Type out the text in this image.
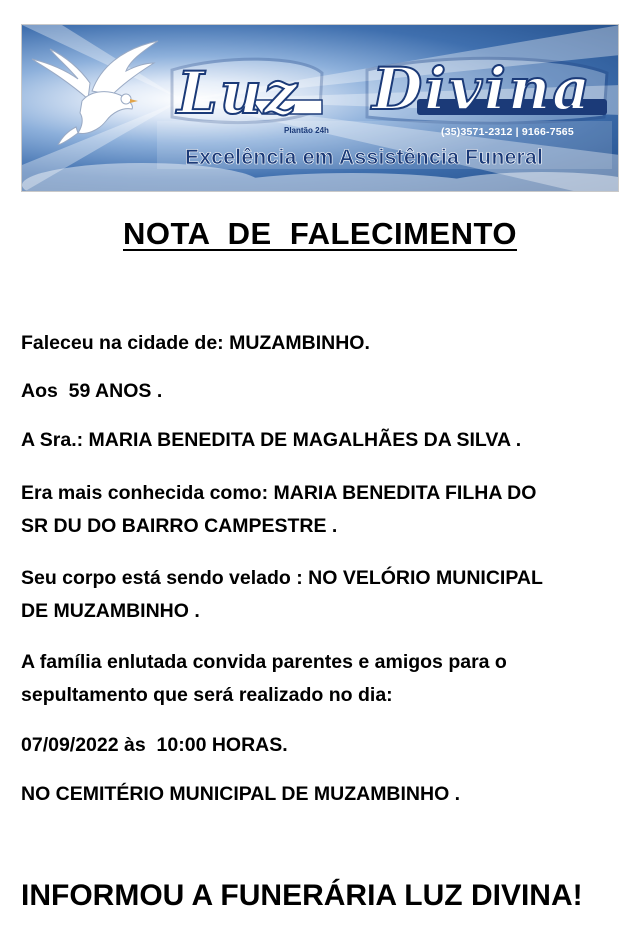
Luz Divina
Plantão 24h	(35)3571-2312 | 9166-7565
Excelência em Assistência Funeral
NOTA  DE  FALECIMENTO
Faleceu na cidade de: MUZAMBINHO.
Aos  59 ANOS .
A Sra.: MARIA BENEDITA DE MAGALHÃES DA SILVA .
Era mais conhecida como: MARIA BENEDITA FILHA DO
SR DU DO BAIRRO CAMPESTRE .
Seu corpo está sendo velado : NO VELÓRIO MUNICIPAL
DE MUZAMBINHO .
A família enlutada convida parentes e amigos para o
sepultamento que será realizado no dia:
07/09/2022 às  10:00 HORAS.
NO CEMITÉRIO MUNICIPAL DE MUZAMBINHO .
INFORMOU A FUNERÁRIA LUZ DIVINA!
